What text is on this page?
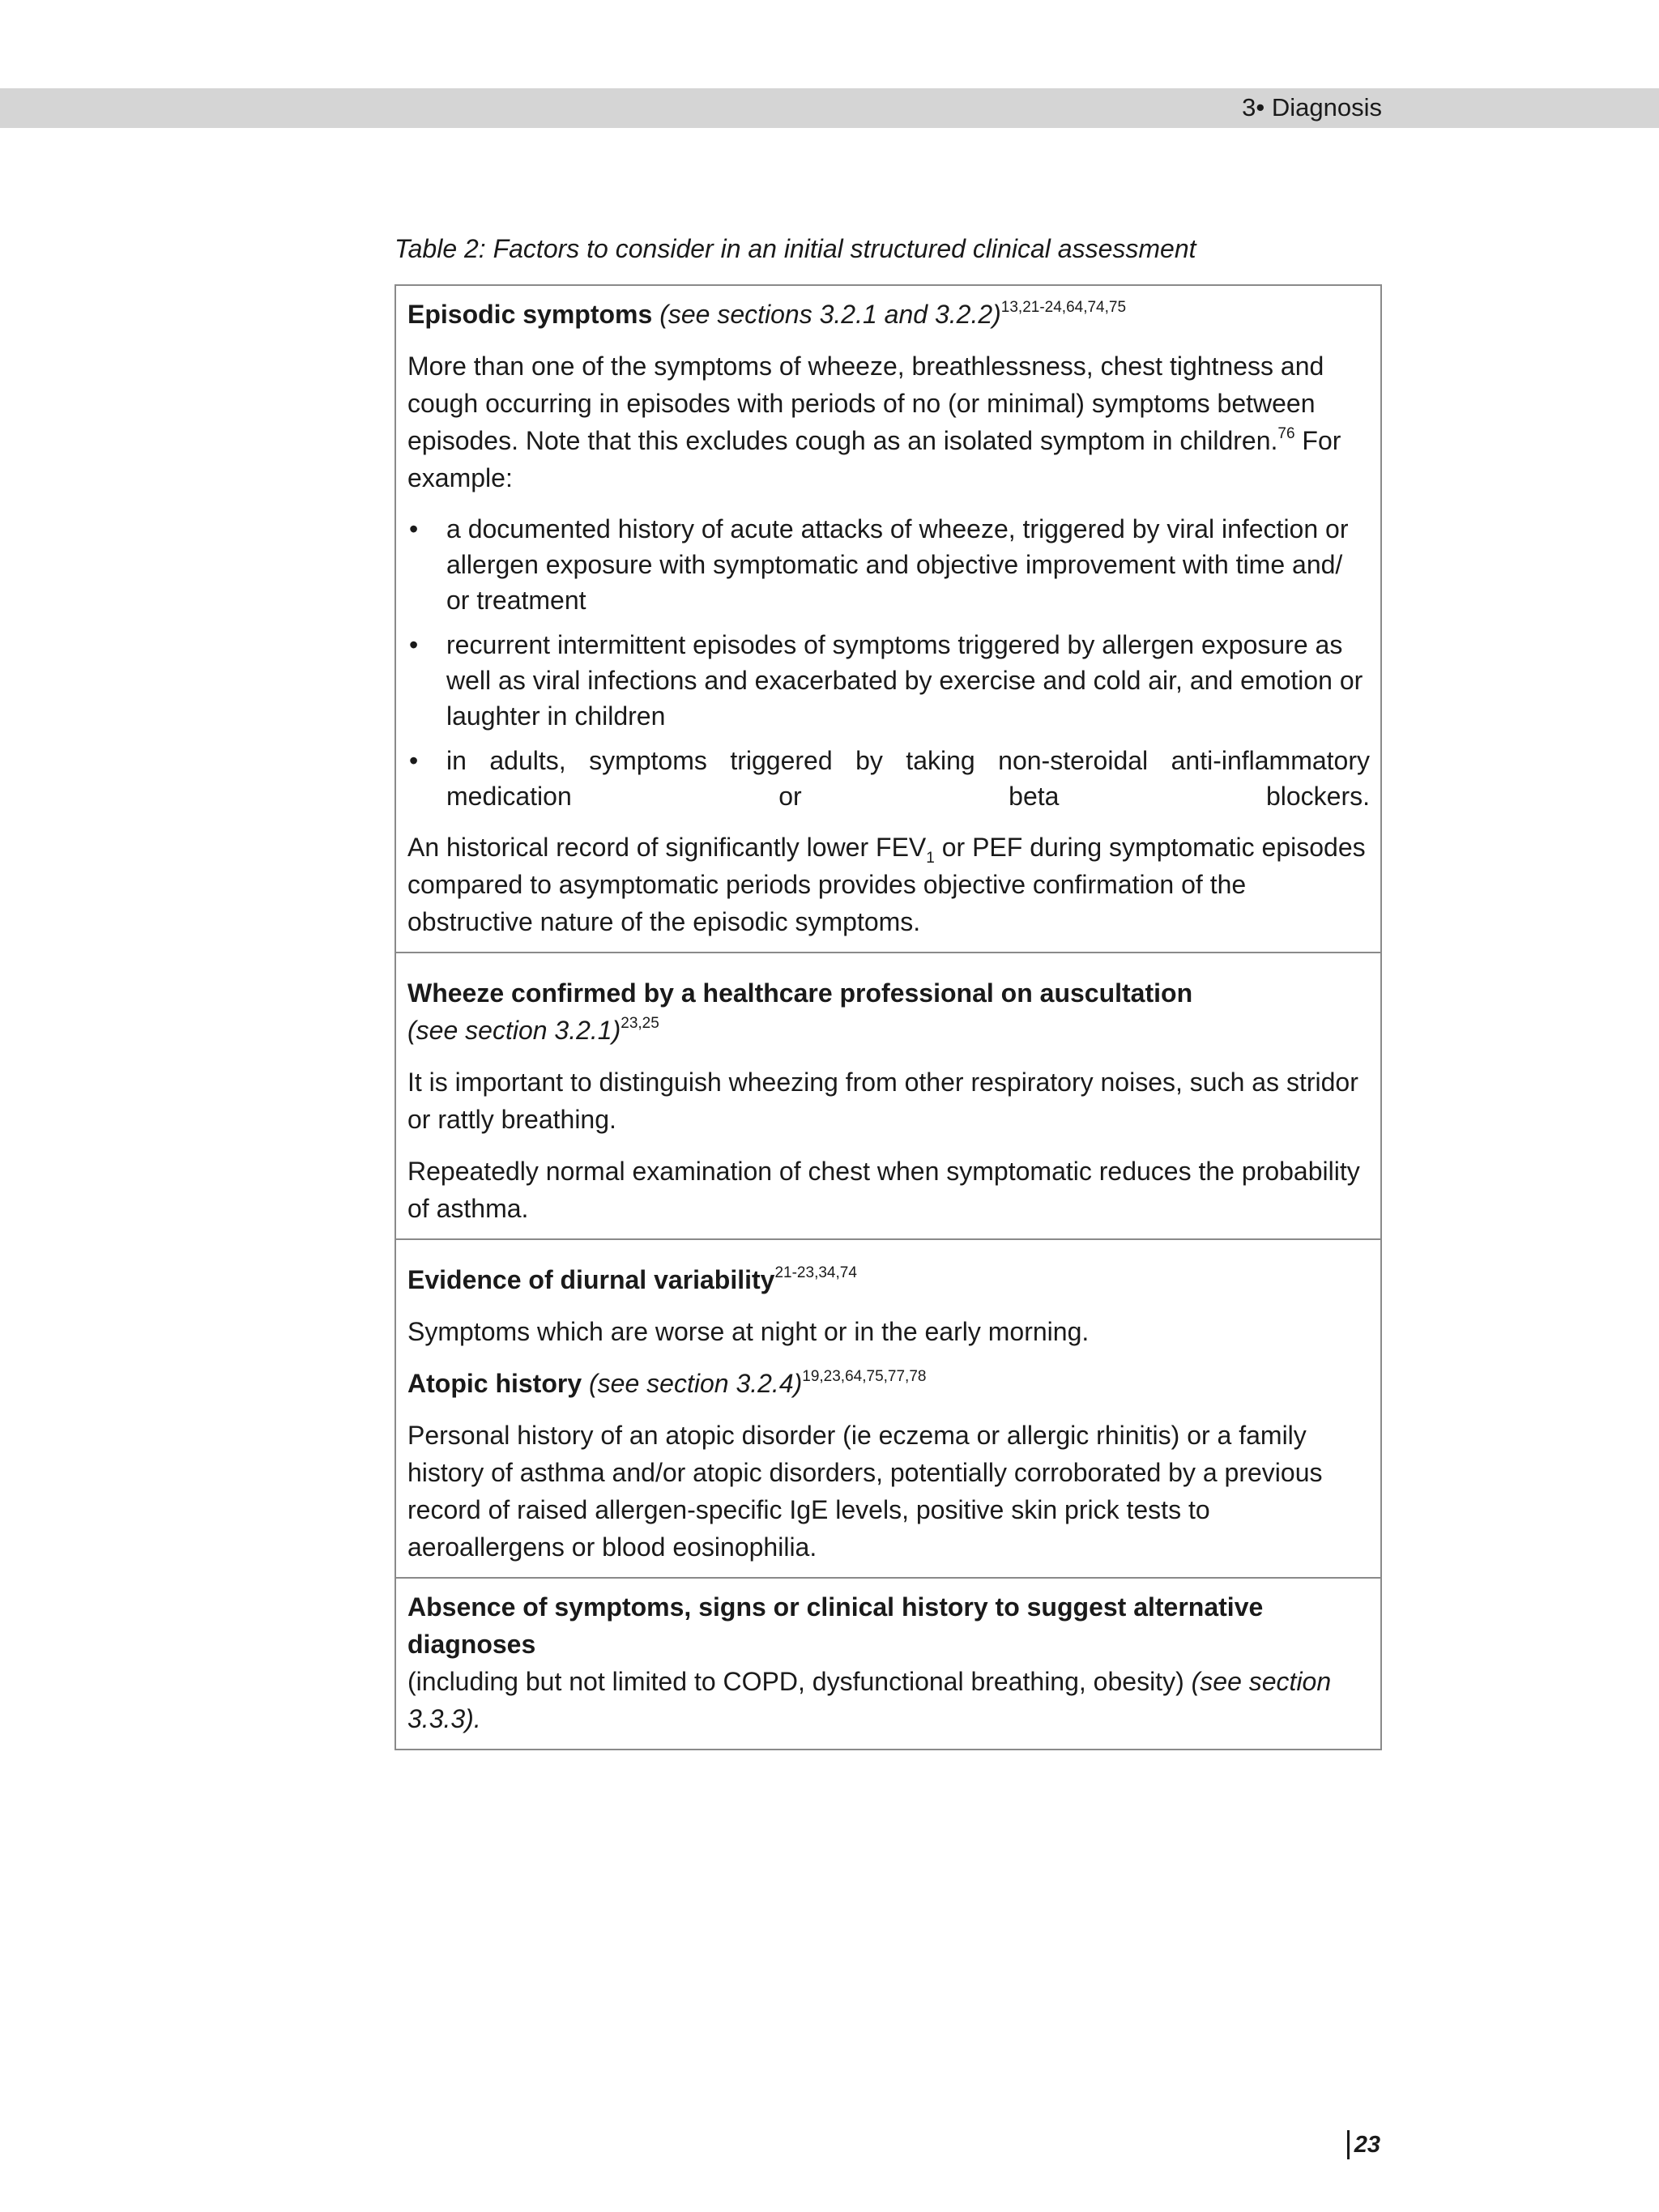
3• Diagnosis
Table 2: Factors to consider in an initial structured clinical assessment

Episodic symptoms (see sections 3.2.1 and 3.2.2)$^{13,21-24,64,74,75}$

More than one of the symptoms of wheeze, breathlessness, chest tightness and cough occurring in episodes with periods of no (or minimal) symptoms between episodes. Note that this excludes cough as an isolated symptom in children.$^{76}$ For example:

• a documented history of acute attacks of wheeze, triggered by viral infection or allergen exposure with symptomatic and objective improvement with time and/ or treatment
• recurrent intermittent episodes of symptoms triggered by allergen exposure as well as viral infections and exacerbated by exercise and cold air, and emotion or laughter in children
• in adults, symptoms triggered by taking non-steroidal anti-inflammatory medication or beta blockers.

An historical record of significantly lower $FEV_1$ or PEF during symptomatic episodes compared to asymptomatic periods provides objective confirmation of the obstructive nature of the episodic symptoms.

Wheeze confirmed by a healthcare professional on auscultation
(see section 3.2.1)$^{23,25}$

It is important to distinguish wheezing from other respiratory noises, such as stridor or rattly breathing.

Repeatedly normal examination of chest when symptomatic reduces the probability of asthma.

Evidence of diurnal variability$^{21-23,34,74}$

Symptoms which are worse at night or in the early morning.

Atopic history (see section 3.2.4)$^{19,23,64,75,77,78}$

Personal history of an atopic disorder (ie eczema or allergic rhinitis) or a family history of asthma and/or atopic disorders, potentially corroborated by a previous record of raised allergen-specific IgE levels, positive skin prick tests to aeroallergens or blood eosinophilia.

Absence of symptoms, signs or clinical history to suggest alternative diagnoses
(including but not limited to COPD, dysfunctional breathing, obesity) (see section 3.3.3).

23
